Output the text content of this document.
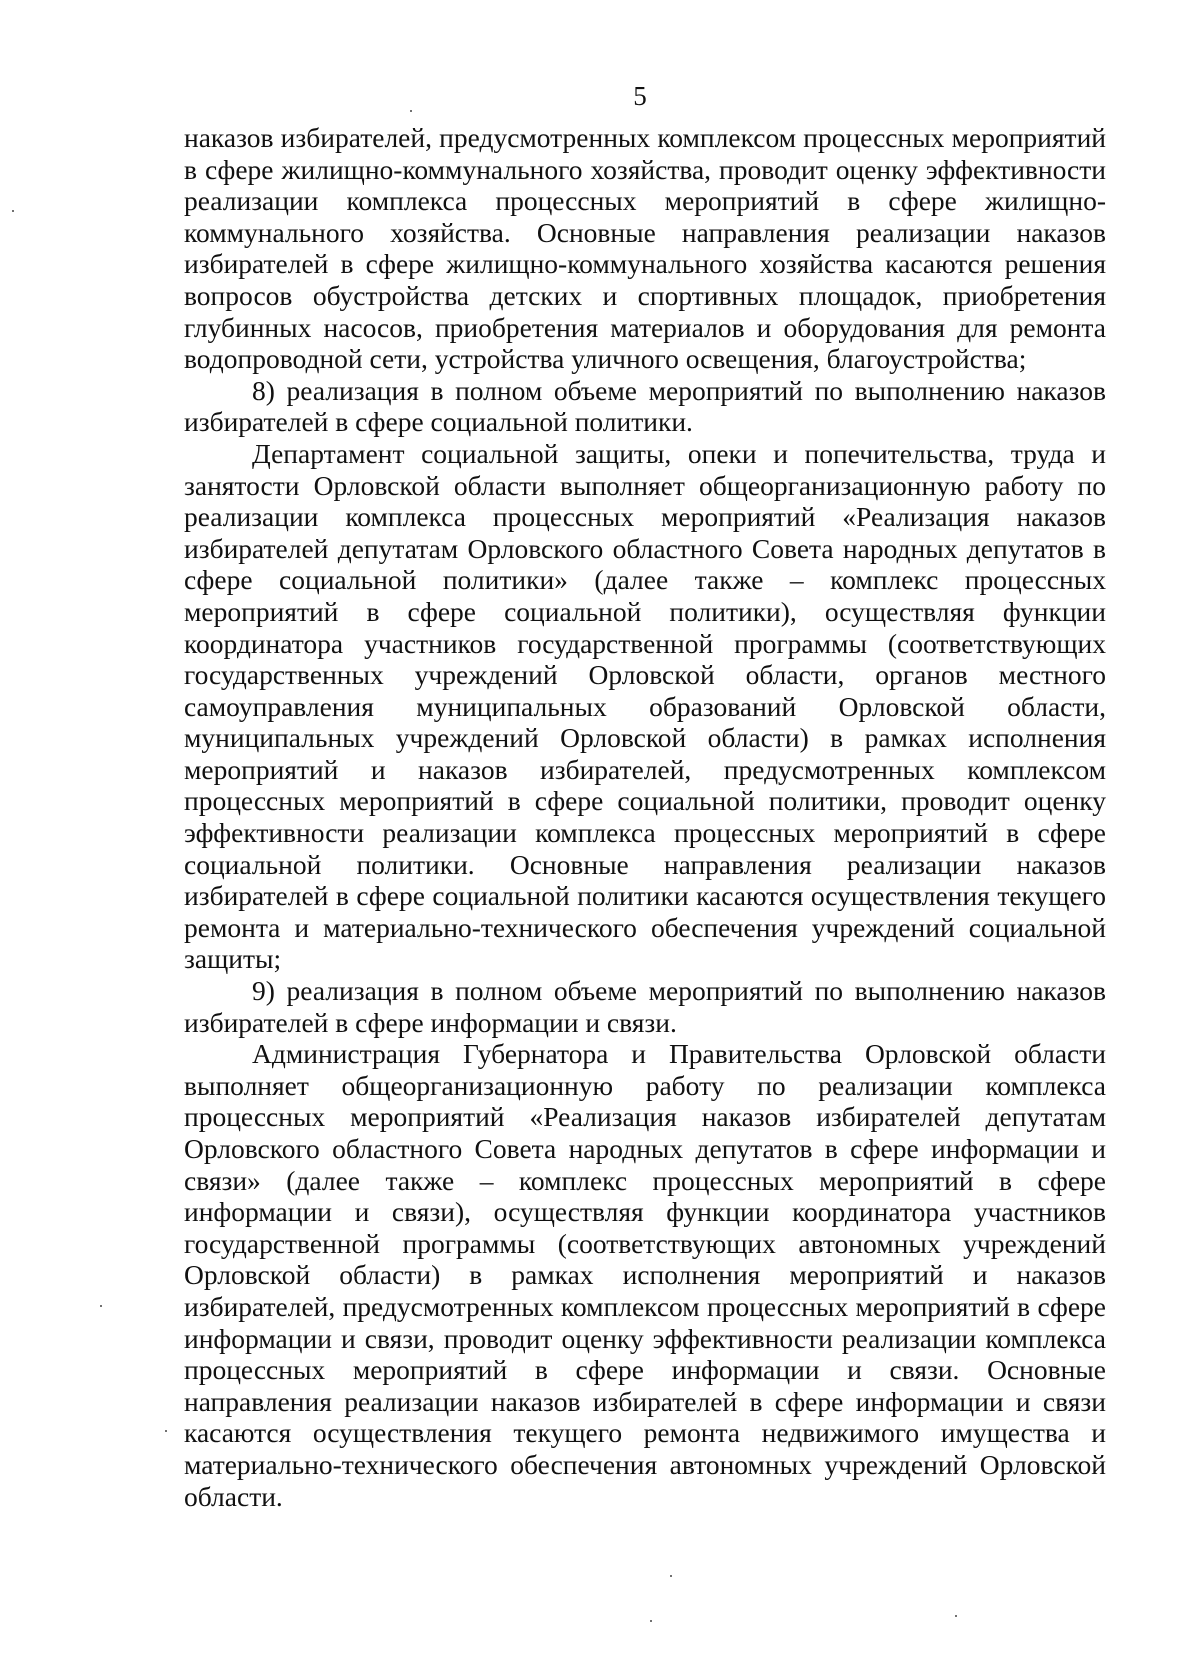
5

наказов избирателей, предусмотренных комплексом процессных мероприятий в сфере жилищно-коммунального хозяйства, проводит оценку эффективности реализации комплекса процессных мероприятий в сфере жилищно-коммунального хозяйства. Основные направления реализации наказов избирателей в сфере жилищно-коммунального хозяйства касаются решения вопросов обустройства детских и спортивных площадок, приобретения глубинных насосов, приобретения материалов и оборудования для ремонта водопроводной сети, устройства уличного освещения, благоустройства;

8) реализация в полном объеме мероприятий по выполнению наказов избирателей в сфере социальной политики.

Департамент социальной защиты, опеки и попечительства, труда и занятости Орловской области выполняет общеорганизационную работу по реализации комплекса процессных мероприятий «Реализация наказов избирателей депутатам Орловского областного Совета народных депутатов в сфере социальной политики» (далее также – комплекс процессных мероприятий в сфере социальной политики), осуществляя функции координатора участников государственной программы (соответствующих государственных учреждений Орловской области, органов местного самоуправления муниципальных образований Орловской области, муниципальных учреждений Орловской области) в рамках исполнения мероприятий и наказов избирателей, предусмотренных комплексом процессных мероприятий в сфере социальной политики, проводит оценку эффективности реализации комплекса процессных мероприятий в сфере социальной политики. Основные направления реализации наказов избирателей в сфере социальной политики касаются осуществления текущего ремонта и материально-технического обеспечения учреждений социальной защиты;

9) реализация в полном объеме мероприятий по выполнению наказов избирателей в сфере информации и связи.

Администрация Губернатора и Правительства Орловской области выполняет общеорганизационную работу по реализации комплекса процессных мероприятий «Реализация наказов избирателей депутатам Орловского областного Совета народных депутатов в сфере информации и связи» (далее также – комплекс процессных мероприятий в сфере информации и связи), осуществляя функции координатора участников государственной программы (соответствующих автономных учреждений Орловской области) в рамках исполнения мероприятий и наказов избирателей, предусмотренных комплексом процессных мероприятий в сфере информации и связи, проводит оценку эффективности реализации комплекса процессных мероприятий в сфере информации и связи. Основные направления реализации наказов избирателей в сфере информации и связи касаются осуществления текущего ремонта недвижимого имущества и материально-технического обеспечения автономных учреждений Орловской области.
